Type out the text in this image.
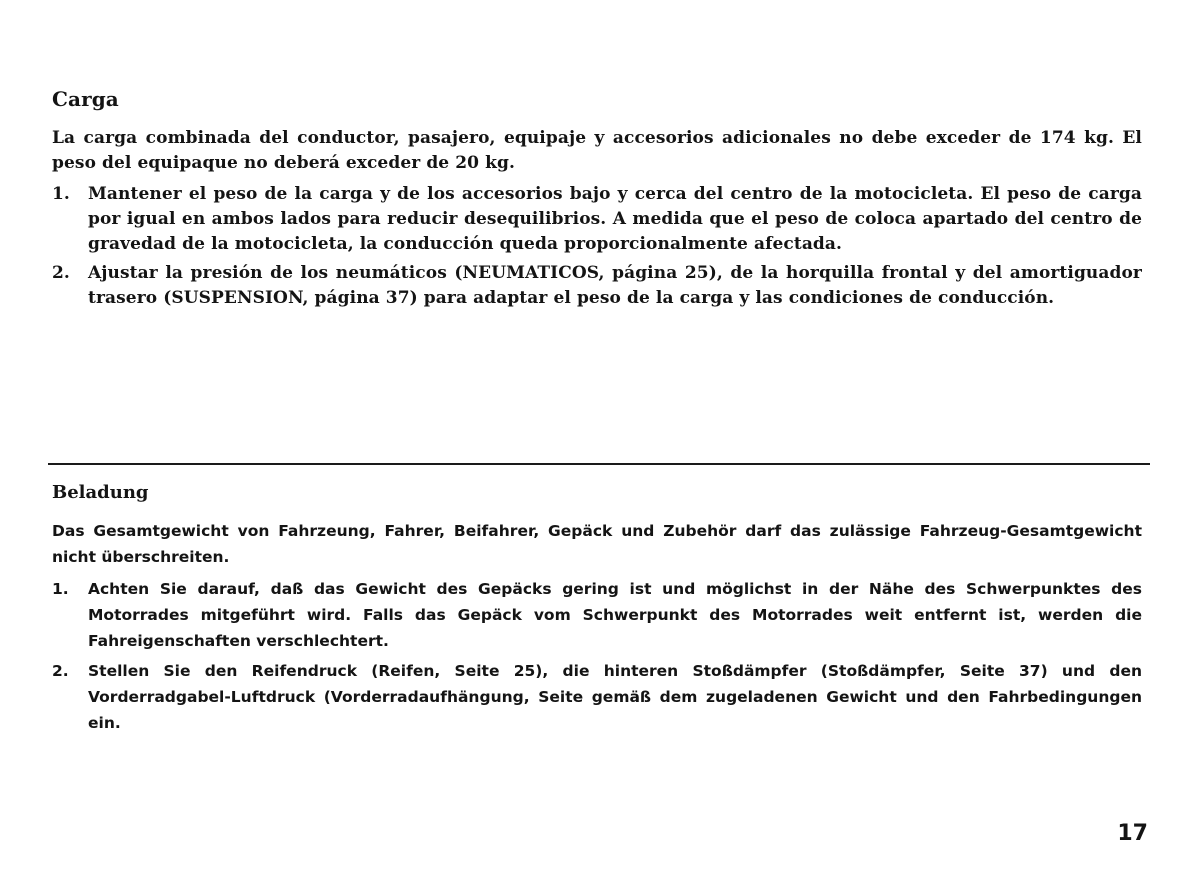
Carga

La carga combinada del conductor, pasajero, equipaje y accesorios adicionales no debe exceder de 174 kg. El peso del equipaque no deberá exceder de 20 kg.

1.	Mantener el peso de la carga y de los accesorios bajo y cerca del centro de la motocicleta. El peso de carga por igual en ambos lados para reducir desequilibrios. A medida que el peso de coloca apartado del centro de gravedad de la motocicleta, la conducción queda proporcionalmente afectada.
2.	Ajustar la presión de los neumáticos (NEUMATICOS, página 25), de la horquilla frontal y del amortiguador trasero (SUSPENSION, página 37) para adaptar el peso de la carga y las condiciones de conducción.
Beladung

Das Gesamtgewicht von Fahrzeung, Fahrer, Beifahrer, Gepäck und Zubehör darf das zulässige Fahrzeug-Gesamtgewicht nicht überschreiten.

1.	Achten Sie darauf, daß das Gewicht des Gepäcks gering ist und möglichst in der Nähe des Schwerpunktes des Motorrades mitgeführt wird. Falls das Gepäck vom Schwerpunkt des Motorrades weit entfernt ist, werden die Fahreigenschaften verschlechtert.
2.	Stellen Sie den Reifendruck (Reifen, Seite 25), die hinteren Stoßdämpfer (Stoßdämpfer, Seite 37) und den Vorderradgabel-Luftdruck (Vorderradaufhängung, Seite gemäß dem zugeladenen Gewicht und den Fahrbedingungen ein.
17
